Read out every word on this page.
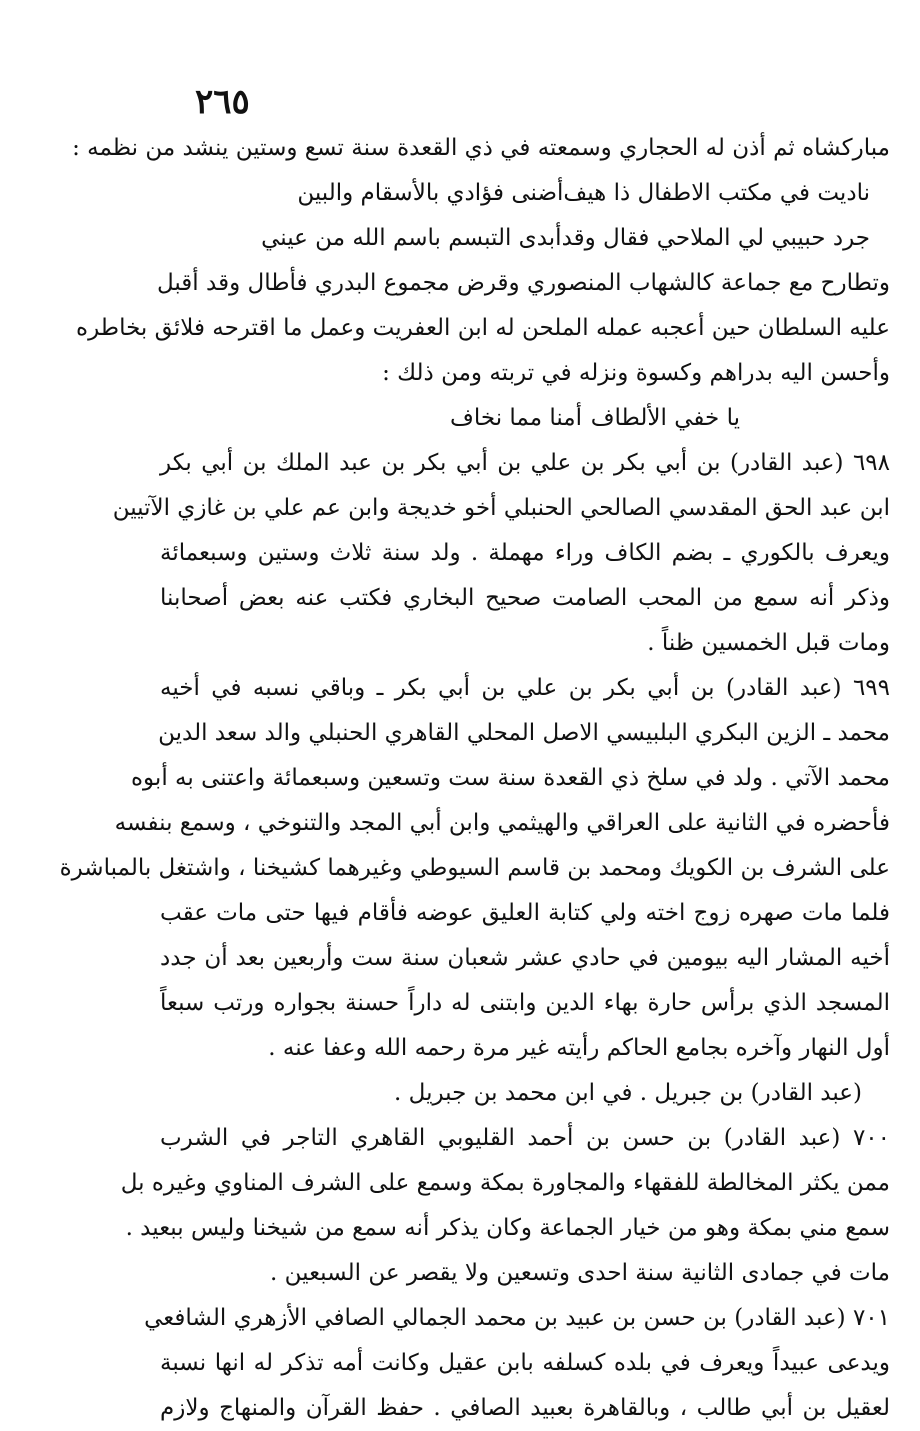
٢٦٥
مباركشاه ثم أذن له الحجاري وسمعته في ذي القعدة سنة تسع وستين ينشد من نظمه :
ناديت في مكتب الاطفال ذا هيف
أضنى فؤادي بالأسقام والبين
جرد حبيبي لي الملاحي فقال وقد
أبدى التبسم باسم الله من عيني
وتطارح مع جماعة كالشهاب المنصوري وقرض مجموع البدري فأطال وقد أقبل
عليه السلطان حين أعجبه عمله الملحن له ابن العفريت وعمل ما اقترحه فلائق بخاطره
وأحسن اليه بدراهم وكسوة ونزله في تربته ومن ذلك :
يا خفي الألطاف
أمنا مما نخاف
٦٩٨ (عبد القادر) بن أبي بكر بن علي بن أبي بكر بن عبد الملك بن أبي بكر
ابن عبد الحق المقدسي الصالحي الحنبلي أخو خديجة وابن عم علي بن غازي الآتيين
ويعرف بالكوري ـ بضم الكاف وراء مهملة . ولد سنة ثلاث وستين وسبعمائة
وذكر أنه سمع من المحب الصامت صحيح البخاري فكتب عنه بعض أصحابنا
ومات قبل الخمسين ظناً .
٦٩٩ (عبد القادر) بن أبي بكر بن علي بن أبي بكر ـ وباقي نسبه في أخيه
محمد ـ الزين البكري البلبيسي الاصل المحلي القاهري الحنبلي والد سعد الدين
محمد الآتي . ولد في سلخ ذي القعدة سنة ست وتسعين وسبعمائة واعتنى به أبوه
فأحضره في الثانية على العراقي والهيثمي وابن أبي المجد والتنوخي ، وسمع بنفسه
على الشرف بن الكويك ومحمد بن قاسم السيوطي وغيرهما كشيخنا ، واشتغل بالمباشرة
فلما مات صهره زوج اخته ولي كتابة العليق عوضه فأقام فيها حتى مات عقب
أخيه المشار اليه بيومين في حادي عشر شعبان سنة ست وأربعين بعد أن جدد
المسجد الذي برأس حارة بهاء الدين وابتنى له داراً حسنة بجواره ورتب سبعاً
أول النهار وآخره بجامع الحاكم رأيته غير مرة رحمه الله وعفا عنه .
(عبد القادر) بن جبريل . في ابن محمد بن جبريل .
٧٠٠ (عبد القادر) بن حسن بن أحمد القليوبي القاهري التاجر في الشرب
ممن يكثر المخالطة للفقهاء والمجاورة بمكة وسمع على الشرف المناوي وغيره بل
سمع مني بمكة وهو من خيار الجماعة وكان يذكر أنه سمع من شيخنا وليس ببعيد .
مات في جمادى الثانية سنة احدى وتسعين ولا يقصر عن السبعين .
٧٠١ (عبد القادر) بن حسن بن عبيد بن محمد الجمالي الصافي الأزهري الشافعي
ويدعى عبيداً ويعرف في بلده كسلفه بابن عقيل وكانت أمه تذكر له انها نسبة
لعقيل بن أبي طالب ، وبالقاهرة بعبيد الصافي . حفظ القرآن والمنهاج ولازم
